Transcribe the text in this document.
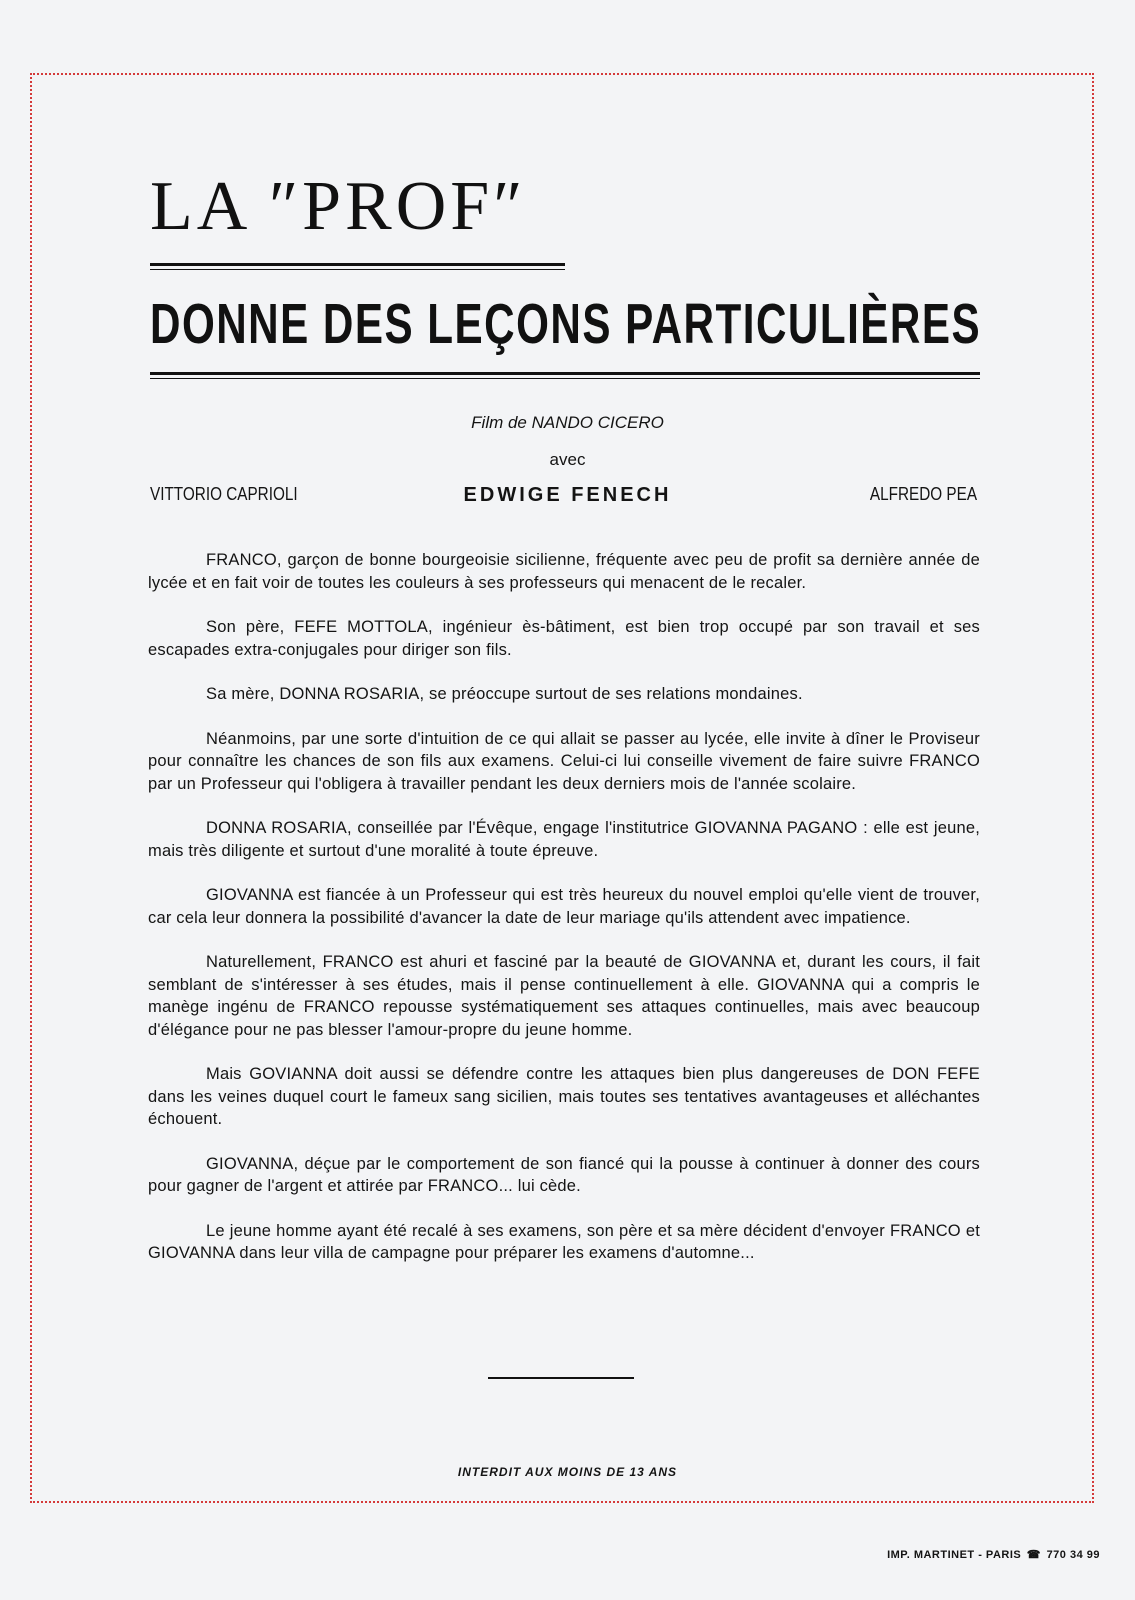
LA ″PROF″
DONNE DES LEÇONS PARTICULIÈRES
Film de NANDO CICERO
avec
VITTORIO CAPRIOLI	EDWIGE FENECH	ALFREDO PEA

FRANCO, garçon de bonne bourgeoisie sicilienne, fréquente avec peu de profit sa dernière année de lycée et en fait voir de toutes les couleurs à ses professeurs qui menacent de le recaler.

Son père, FEFE MOTTOLA, ingénieur ès-bâtiment, est bien trop occupé par son travail et ses escapades extra-conjugales pour diriger son fils.

Sa mère, DONNA ROSARIA, se préoccupe surtout de ses relations mondaines.

Néanmoins, par une sorte d'intuition de ce qui allait se passer au lycée, elle invite à dîner le Proviseur pour connaître les chances de son fils aux examens. Celui-ci lui conseille vivement de faire suivre FRANCO par un Professeur qui l'obligera à travailler pendant les deux derniers mois de l'année scolaire.

DONNA ROSARIA, conseillée par l'Évêque, engage l'institutrice GIOVANNA PAGANO : elle est jeune, mais très diligente et surtout d'une moralité à toute épreuve.

GIOVANNA est fiancée à un Professeur qui est très heureux du nouvel emploi qu'elle vient de trouver, car cela leur donnera la possibilité d'avancer la date de leur mariage qu'ils attendent avec impatience.

Naturellement, FRANCO est ahuri et fasciné par la beauté de GIOVANNA et, durant les cours, il fait semblant de s'intéresser à ses études, mais il pense continuellement à elle. GIOVANNA qui a compris le manège ingénu de FRANCO repousse systématiquement ses attaques continuelles, mais avec beaucoup d'élégance pour ne pas blesser l'amour-propre du jeune homme.

Mais GOVIANNA doit aussi se défendre contre les attaques bien plus dangereuses de DON FEFE dans les veines duquel court le fameux sang sicilien, mais toutes ses tentatives avantageuses et alléchantes échouent.

GIOVANNA, déçue par le comportement de son fiancé qui la pousse à continuer à donner des cours pour gagner de l'argent et attirée par FRANCO... lui cède.

Le jeune homme ayant été recalé à ses examens, son père et sa mère décident d'envoyer FRANCO et GIOVANNA dans leur villa de campagne pour préparer les examens d'automne...

INTERDIT AUX MOINS DE 13 ANS
IMP. MARTINET - PARIS ☎ 770 34 99
